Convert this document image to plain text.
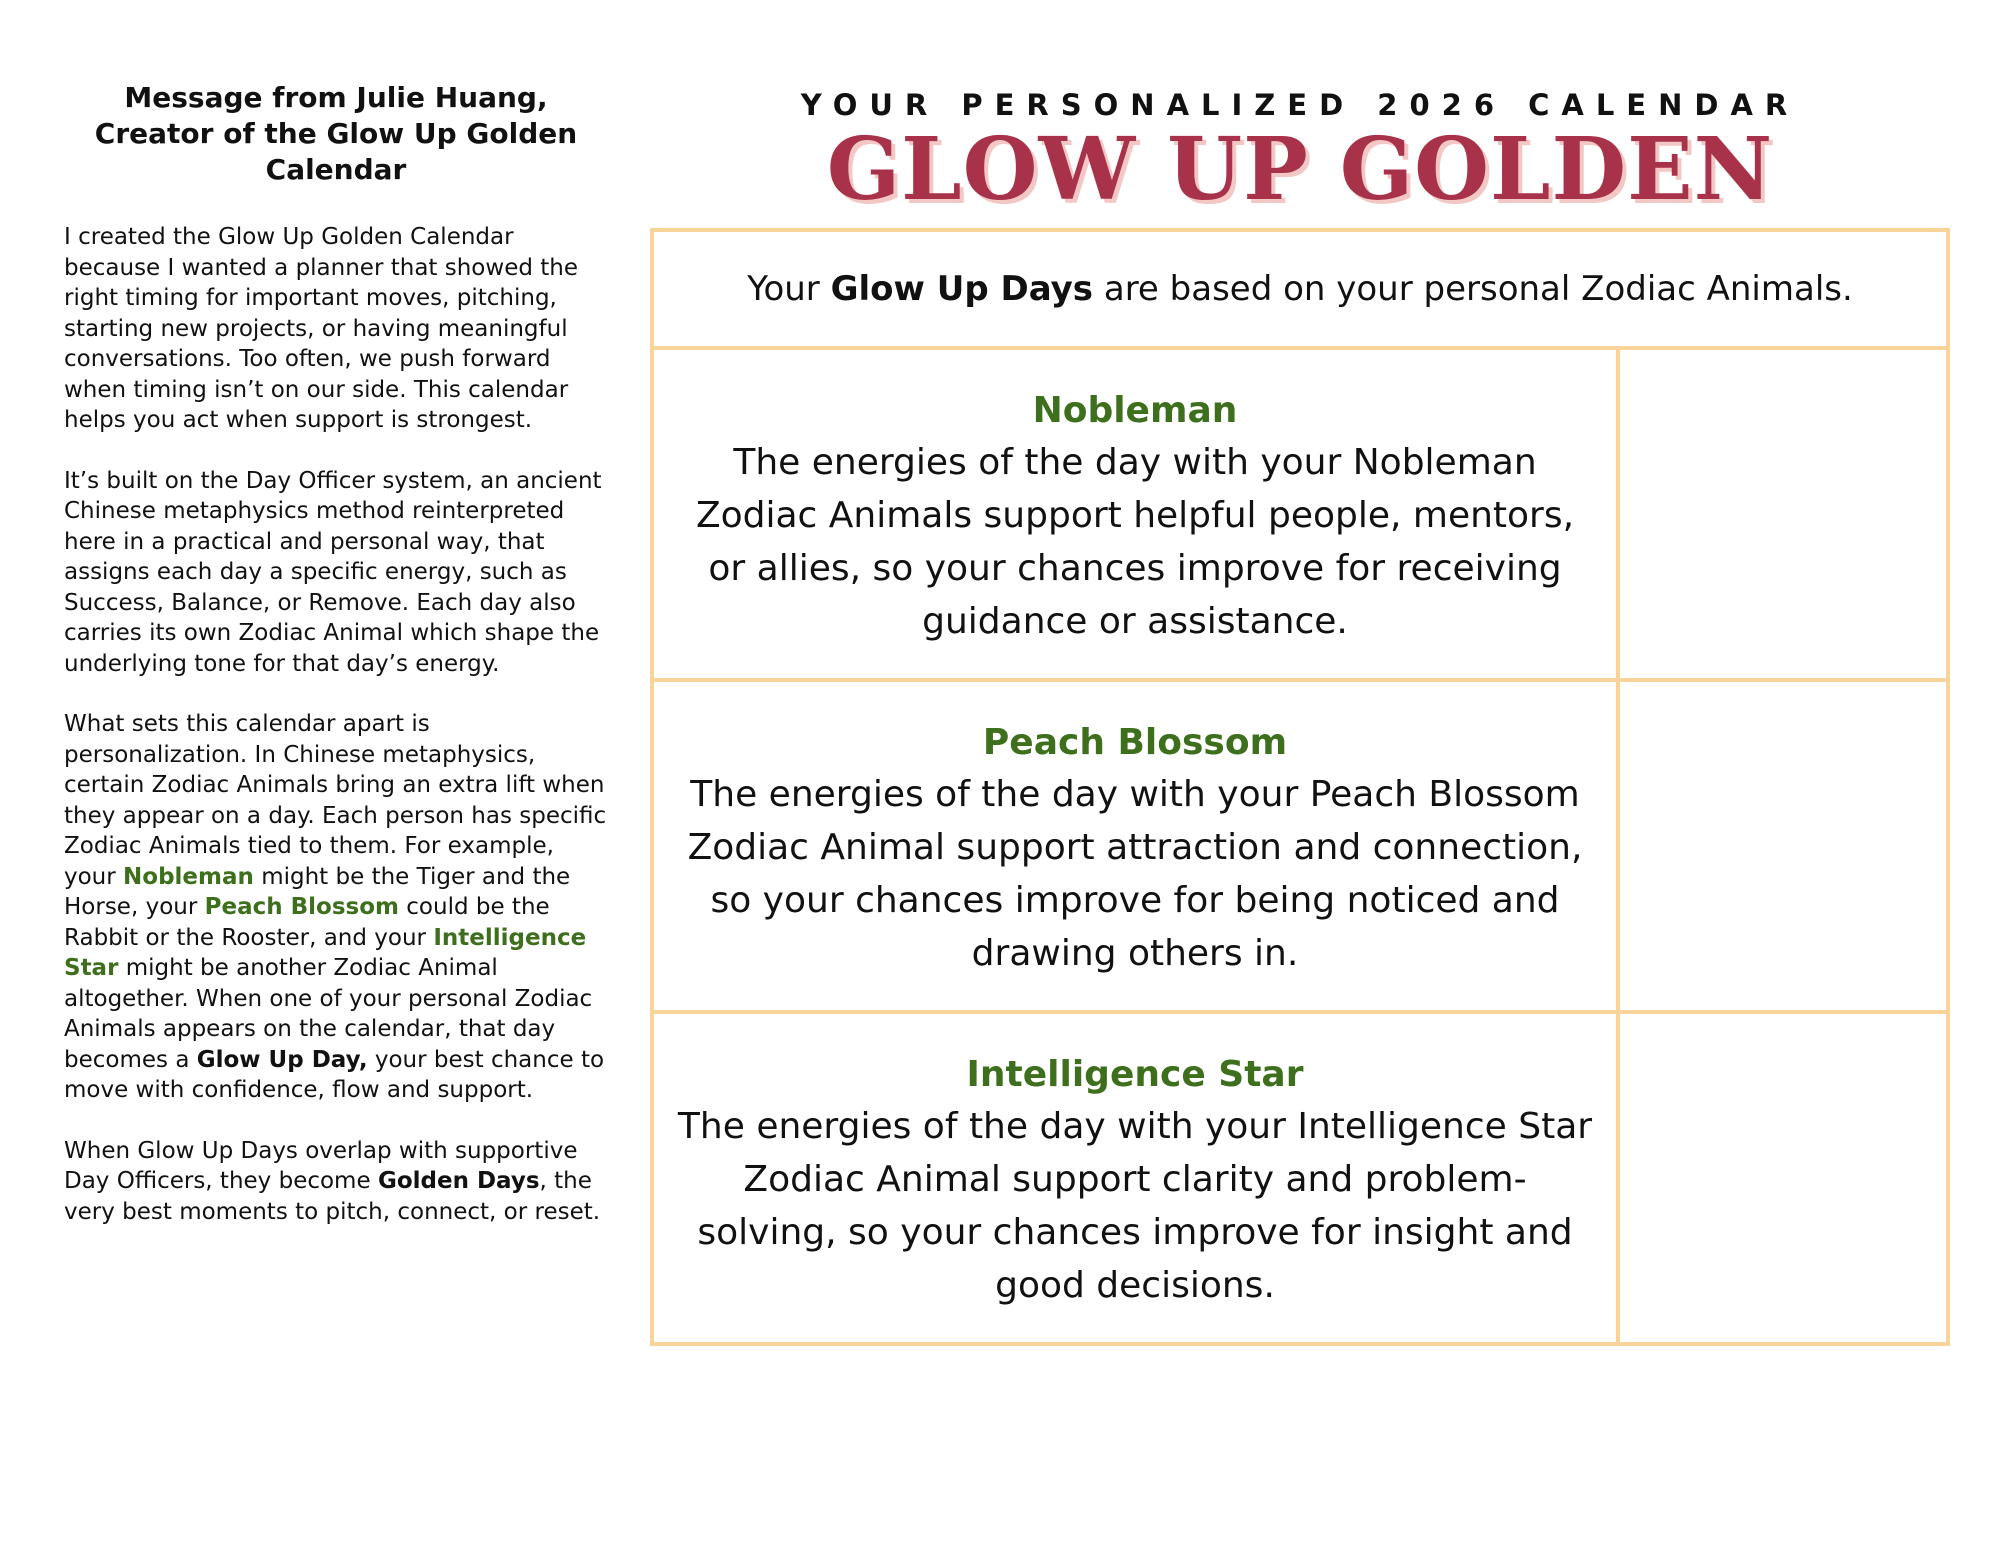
Message from Julie Huang, Creator of the Glow Up Golden Calendar

I created the Glow Up Golden Calendar because I wanted a planner that showed the right timing for important moves, pitching, starting new projects, or having meaningful conversations. Too often, we push forward when timing isn’t on our side. This calendar helps you act when support is strongest.

It’s built on the Day Officer system, an ancient Chinese metaphysics method reinterpreted here in a practical and personal way, that assigns each day a specific energy, such as Success, Balance, or Remove. Each day also carries its own Zodiac Animal which shape the underlying tone for that day’s energy.

What sets this calendar apart is personalization. In Chinese metaphysics, certain Zodiac Animals bring an extra lift when they appear on a day. Each person has specific Zodiac Animals tied to them. For example, your Nobleman might be the Tiger and the Horse, your Peach Blossom could be the Rabbit or the Rooster, and your Intelligence Star might be another Zodiac Animal altogether. When one of your personal Zodiac Animals appears on the calendar, that day becomes a Glow Up Day, your best chance to move with confidence, flow and support.

When Glow Up Days overlap with supportive Day Officers, they become Golden Days, the very best moments to pitch, connect, or reset.

YOUR PERSONALIZED 2026 CALENDAR
GLOW UP GOLDEN
Your Glow Up Days are based on your personal Zodiac Animals.

Nobleman

The energies of the day with your Nobleman Zodiac Animals support helpful people, mentors, or allies, so your chances improve for receiving guidance or assistance.

Peach Blossom

The energies of the day with your Peach Blossom Zodiac Animal support attraction and connection, so your chances improve for being noticed and drawing others in.

Intelligence Star

The energies of the day with your Intelligence Star Zodiac Animal support clarity and problem-solving, so your chances improve for insight and good decisions.
